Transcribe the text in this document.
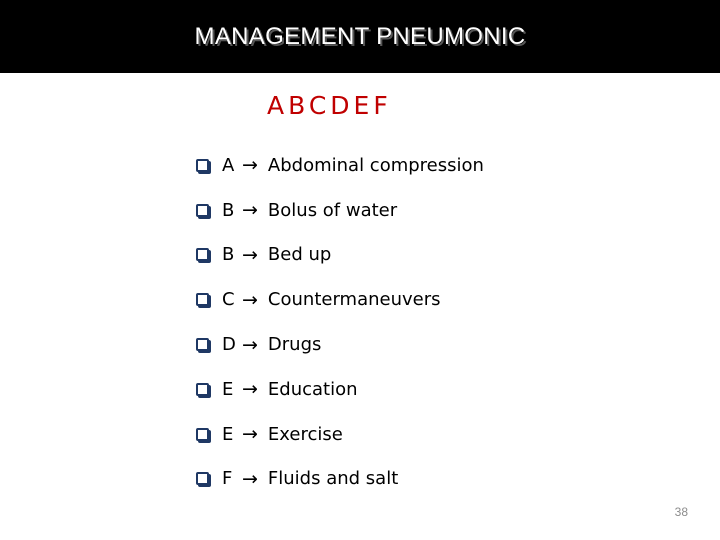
MANAGEMENT PNEUMONIC
ABCDEF
A → Abdominal compression
B → Bolus of water
B → Bed up
C → Countermaneuvers
D → Drugs
E → Education
E → Exercise
F → Fluids and salt
38
